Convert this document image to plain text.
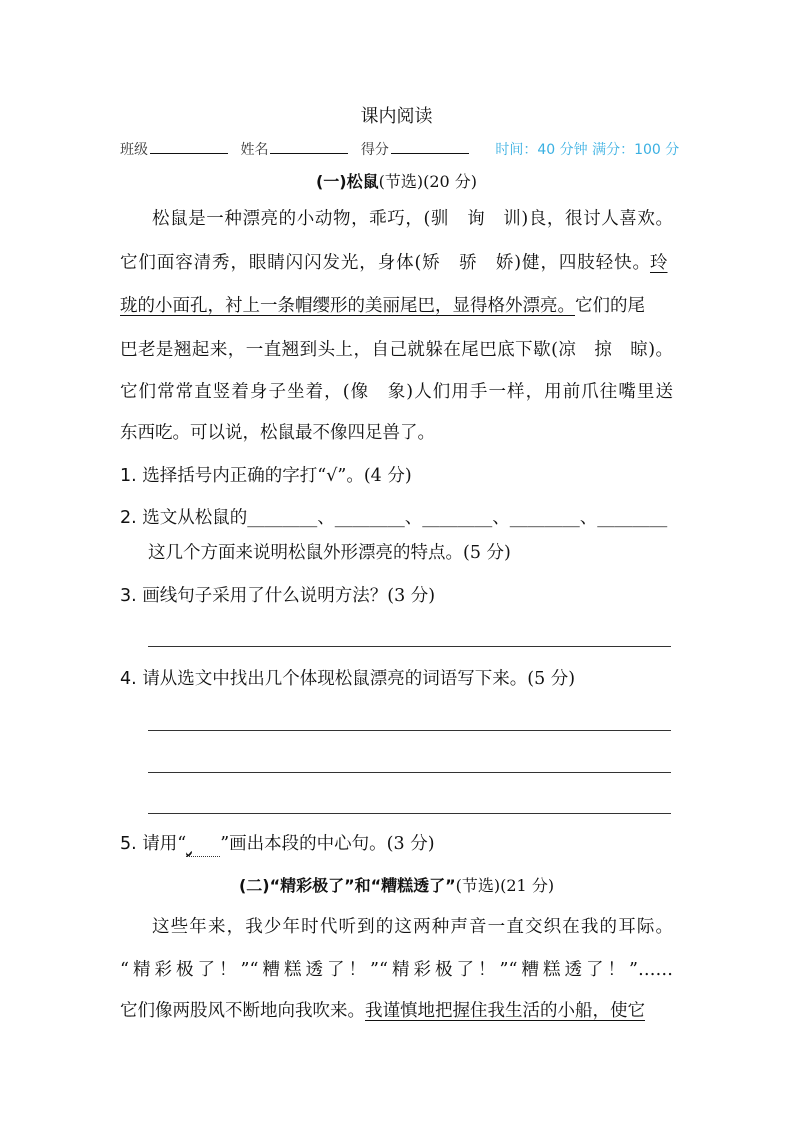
课内阅读
班级	姓名	得分	时间：40 分钟 满分：100 分
(一)松鼠(节选)(20 分)
松鼠是一种漂亮的小动物，乖巧，(驯　询　训)良，很讨人喜欢。
它们面容清秀，眼睛闪闪发光，身体(矫　骄　娇)健，四肢轻快。玲
珑的小面孔，衬上一条帽缨形的美丽尾巴，显得格外漂亮。它们的尾
巴老是翘起来，一直翘到头上，自己就躲在尾巴底下歇(凉　掠　晾)。
它们常常直竖着身子坐着，(像　象)人们用手一样，用前爪往嘴里送
东西吃。可以说，松鼠最不像四足兽了。
1. 选择括号内正确的字打“√”。(4 分)
2. 选文从松鼠的________、________、________、________、________
这几个方面来说明松鼠外形漂亮的特点。(5 分)
3. 画线句子采用了什么说明方法？(3 分)
4. 请从选文中找出几个体现松鼠漂亮的词语写下来。(5 分)
5. 请用“ ”画出本段的中心句。(3 分)
(二)“精彩极了”和“糟糕透了”(节选)(21 分)
这些年来，我少年时代听到的这两种声音一直交织在我的耳际。
“精彩极了！”“糟糕透了！”“精彩极了！”“糟糕透了！”……
它们像两股风不断地向我吹来。我谨慎地把握住我生活的小船，使它
